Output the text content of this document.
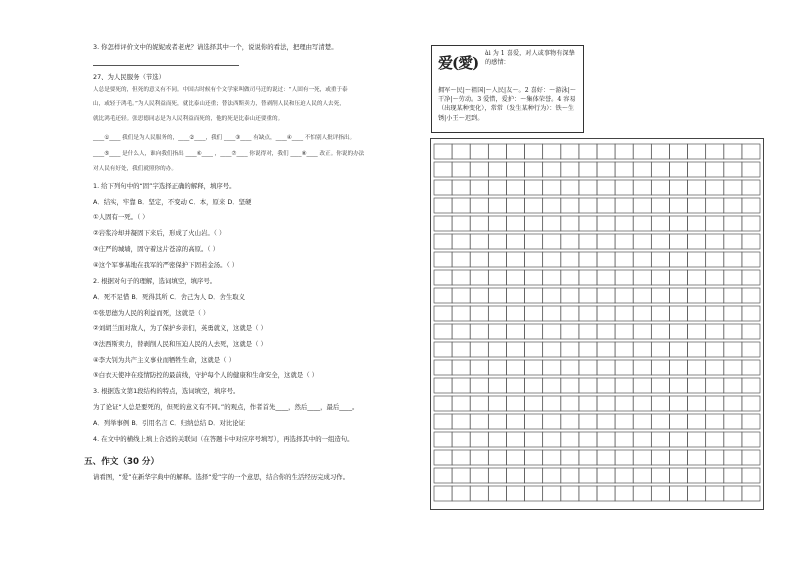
3. 你怎样评价文中的妮妮或者老虎？请选择其中一个，说说你的看法，把理由写清楚。
27、为人民服务（节选）
人总是要死的，但死的意义有不同。中国古时候有个文学家叫做司马迁的说过：“人固有一死，或重于泰
山，或轻于鸿毛。”为人民利益而死，就比泰山还重；替法西斯卖力，替剥削人民和压迫人民的人去死，
就比鸿毛还轻。张思德同志是为人民利益而死的，他的死是比泰山还要重的。
____①____ 我们是为人民服务的，____②____，我们 ____③____ 有缺点，____④____ 不怕别人批评指出。
____⑤____ 是什么人，谁向我们指出 ____⑥____ ，____⑦____ 你说得对，我们 ____⑧____ 改正。你说的办法
对人民有好处，我们就照你的办。
1. 给下列句中的“固”字选择正确的解释，填序号。
A．结实，牢靠 B．坚定，不变动 C．本，原来 D．坚硬
①人固有一死。（ ）
②岩浆冷却并凝固下来后，形成了火山岩。（ ）
③庄严的城墙，固守着这片苍凉的高原。（ ）
④这个军事基地在我军的严密保护下固若金汤。（ ）
2. 根据对句子的理解，选词填空，填序号。
A．死不足惜 B．死得其所 C．舍己为人 D．舍生取义
①张思德为人民的利益而死，这就是（ ）
②刘胡兰面对敌人，为了保护乡亲们，英勇就义，这就是（ ）
③法西斯卖力，替剥削人民和压迫人民的人去死，这就是（ ）
④李大钊为共产主义事业而牺牲生命，这就是（ ）
⑤白衣天使冲在疫情防控的最前线，守护每个人的健康和生命安全，这就是（ ）
3. 根据选文第1段结构的特点，选词填空，填序号。
为了论证“人总是要死的，但死的意义有不同。”的观点，作者首先____，然后____，最后____。
A．列举事例 B．引用名言 C．归纳总结 D．对比论证
4. 在文中的横线上填上合适的关联词（在答题卡中对应序号填写），再选择其中的一组造句。
五、作文（30 分）
请看图，“爱”在新华字典中的解释。选择“爱”字的一个意思，结合你的生活经历完成习作。
爱(愛)
ài 为 1 喜爱，对人或事物有深挚的感情：
拥军～民|～祖国|～人民|友～。2 喜好：～游泳|～干净|～劳动。3 爱惜，爱护：～集体荣誉。4 容易（出现某种变化），常常（发生某种行为）：铁～生锈|小王～迟到。
